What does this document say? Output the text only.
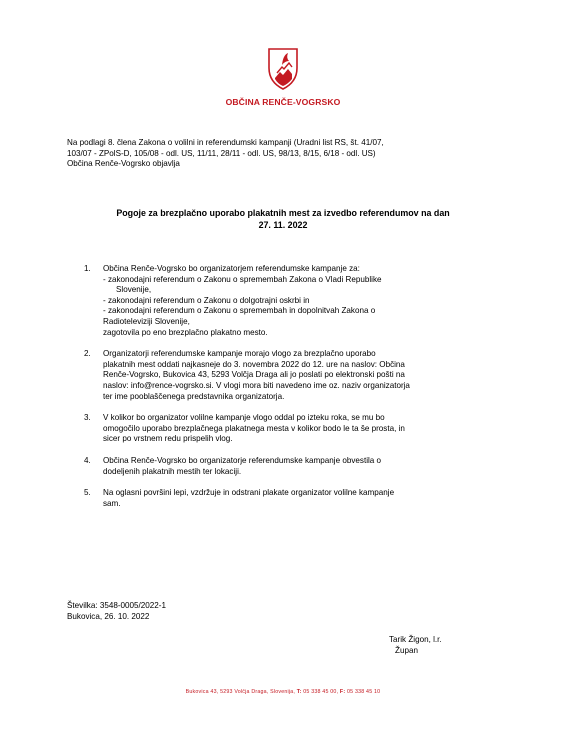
OBČINA RENČE-VOGRSKO
Na podlagi 8. člena Zakona o volilni in referendumski kampanji (Uradni list RS, št. 41/07,
103/07 - ZPolS-D, 105/08 - odl. US, 11/11, 28/11 - odl. US, 98/13, 8/15, 6/18 - odl. US)
Občina Renče-Vogrsko objavlja
Pogoje za brezplačno uporabo plakatnih mest za izvedbo referendumov na dan
27. 11. 2022
1. Občina Renče-Vogrsko bo organizatorjem referendumske kampanje za:
- zakonodajni referendum o Zakonu o spremembah Zakona o Vladi Republike
Slovenije,
- zakonodajni referendum o Zakonu o dolgotrajni oskrbi in
- zakonodajni referendum o Zakonu o spremembah in dopolnitvah Zakona o
Radioteleviziji Slovenije,
zagotovila po eno brezplačno plakatno mesto.
2. Organizatorji referendumske kampanje morajo vlogo za brezplačno uporabo
plakatnih mest oddati najkasneje do 3. novembra 2022 do 12. ure na naslov: Občina
Renče-Vogrsko, Bukovica 43, 5293 Volčja Draga ali jo poslati po elektronski pošti na
naslov: info@rence-vogrsko.si. V vlogi mora biti navedeno ime oz. naziv organizatorja
ter ime pooblaščenega predstavnika organizatorja.
3. V kolikor bo organizator volilne kampanje vlogo oddal po izteku roka, se mu bo
omogočilo uporabo brezplačnega plakatnega mesta v kolikor bodo le ta še prosta, in
sicer po vrstnem redu prispelih vlog.
4. Občina Renče-Vogrsko bo organizatorje referendumske kampanje obvestila o
dodeljenih plakatnih mestih ter lokaciji.
5. Na oglasni površini lepi, vzdržuje in odstrani plakate organizator volilne kampanje
sam.
Številka: 3548-0005/2022-1
Bukovica, 26. 10. 2022
Tarik Žigon, l.r.
Župan
Bukovica 43, 5293 Volčja Draga, Slovenija, T: 05 338 45 00, F: 05 338 45 10
